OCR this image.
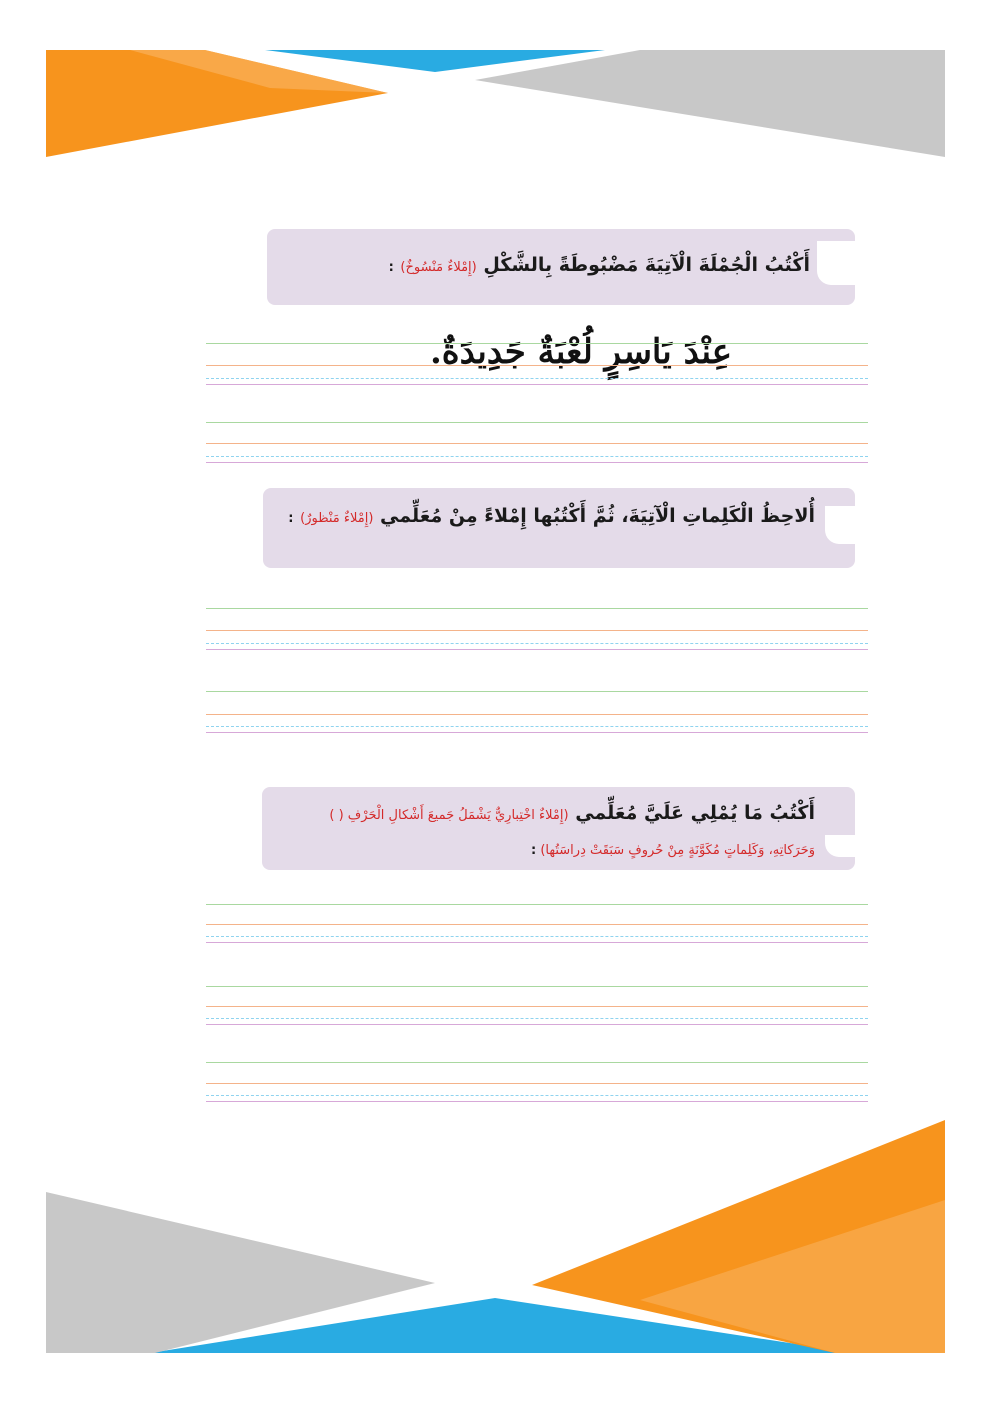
أَكْتُبُ الْجُمْلَةَ الْآتِيَةَ مَضْبُوطَةً بِالشَّكْلِ (إِمْلاءٌ مَنْسُوخٌ) :
عِنْدَ يَاسِرٍ لُعْبَةٌ جَدِيدَةٌ.
أُلاحِظُ الْكَلِماتِ الْآتِيَةَ، ثُمَّ أَكْتُبُها إِمْلاءً مِنْ مُعَلِّمي (إِمْلاءٌ مَنْظورٌ) :
أَكْتُبُ مَا يُمْلِي عَلَيَّ مُعَلِّمي (إِمْلاءٌ اخْتِبارِيٌّ يَشْمَلُ جَميعَ أَشْكالِ الْحَرْفِ ( )
وَحَرَكاتِهِ، وَكَلِماتٍ مُكَوَّنَةٍ مِنْ حُروفٍ سَبَقَتْ دِراسَتُها) :
